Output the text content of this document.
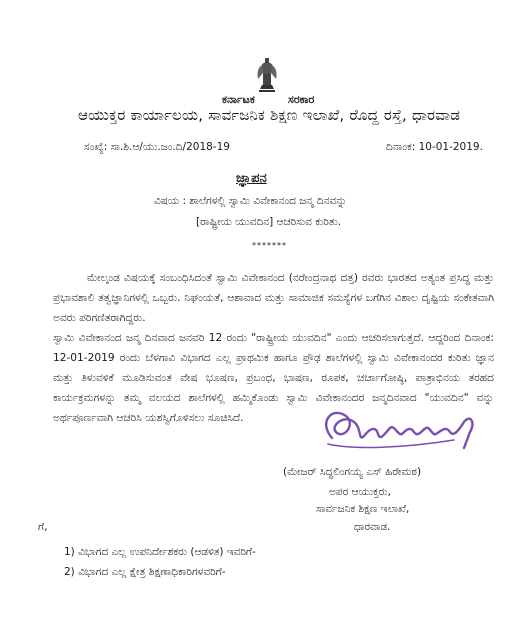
ಕರ್ನಾಟಕ	ಸರಕಾರ
ಆಯುಕ್ತರ ಕಾರ್ಯಾಲಯ, ಸಾರ್ವಜನಿಕ ಶಿಕ್ಷಣ ಇಲಾಖೆ, ರೊದ್ದ ರಸ್ತೆ, ಧಾರವಾಡ
ಸಂಖ್ಯೆ: ಸಾ.ಶಿ.ಆ/ಯು.ಜಂ.ದಿ/2018-19	ದಿನಾಂಕ: 10-01-2019.
ಜ್ಞಾಪನ
ವಿಷಯ : ಶಾಲೆಗಳಲ್ಲಿ ಸ್ವಾಮಿ ವಿವೇಕಾನಂದ ಜನ್ಮ ದಿನವನ್ನು
[ರಾಷ್ಟ್ರೀಯ ಯುವದಿನ] ಆಚರಿಸುವ ಕುರಿತು.
*******

ಮೇಲ್ಕಂಡ ವಿಷಯಕ್ಕೆ ಸಂಬಂಧಿಸಿದಂತೆ ಸ್ವಾಮಿ ವಿವೇಕಾನಂದ (ನರೇಂದ್ರನಾಥ ದತ್ತ) ರವರು ಭಾರತದ ಅತ್ಯಂತ ಪ್ರಸಿದ್ಧ ಮತ್ತು ಪ್ರಭಾವಶಾಲಿ ತತ್ವಜ್ಞಾನಿಗಳಲ್ಲಿ ಒಬ್ಬರು. ನಿಘಂಯತೆ, ಆಶಾವಾದ ಮತ್ತು ಸಾಮಾಜಿಕ ಸಮಸ್ಯೆಗಳ ಬಗೆಗಿನ ವಿಶಾಲ ದೃಷ್ಟಿಯ ಸಂಕೇತವಾಗಿ ಅವರು ಪರಿಗಣಿತರಾಗಿದ್ದರು.

ಸ್ವಾಮಿ ವಿವೇಕಾನಂದ ಜನ್ಮ ದಿನವಾದ ಜನವರಿ 12 ರಂದು "ರಾಷ್ಟ್ರೀಯ ಯುವದಿನ" ಎಂದು ಆಚರಿಸಲಾಗುತ್ತದೆ. ಆದ್ದರಿಂದ ದಿನಾಂಕ: 12-01-2019 ರಂದು ಬೆಳಗಾವಿ ವಿಭಾಗದ ಎಲ್ಲ ಪ್ರಾಥಮಿಕ ಹಾಗೂ ಪ್ರೌಢ ಶಾಲೆಗಳಲ್ಲಿ ಸ್ವಾಮಿ ವಿವೇಕಾನಂದರ ಕುರಿತು ಜ್ಞಾನ ಮತ್ತು ತಿಳುವಳಿಕೆ ಮೂಡಿಸುವಂತ ವೇಷ ಭೂಷಣ, ಪ್ರಬಂಧ, ಭಾಷಣ, ರೂಪಕ, ಚರ್ಚಾಗೋಷ್ಠಿ, ಪಾತ್ರಾಭಿನಯ ತರಹದ ಕಾರ್ಯಕ್ರಮಗಳನ್ನು ತಮ್ಮ ವಲಯದ ಶಾಲೆಗಳಲ್ಲಿ ಹಮ್ಮಿಕೊಂಡು ಸ್ವಾಮಿ ವಿವೇಕಾನಂದರ ಜನ್ಮದಿನವಾದ "ಯುವದಿನ" ವನ್ನು ಅರ್ಥಪೂರ್ಣವಾಗಿ ಆಚರಿಸಿ ಯಶಸ್ವಿಗೊಳಿಸಲು ಸೂಚಿಸಿದೆ.

(ಮೇಜರ್ ಸಿದ್ಧಲಿಂಗಯ್ಯ ಎಸ್ ಹಿರೇಮಠ)
ಅಪರ ಆಯುಕ್ತರು,
ಸಾರ್ವಜನಿಕ ಶಿಕ್ಷಣ ಇಲಾಖೆ,
ಧಾರವಾಡ.
ಗೆ,
1) ವಿಭಾಗದ ಎಲ್ಲ ಉಪನಿರ್ದೇಶಕರು (ಆಡಳಿತ) ಇವರಿಗೆ-
2) ವಿಭಾಗದ ಎಲ್ಲ ಕ್ಷೇತ್ರ ಶಿಕ್ಷಣಾಧಿಕಾರಿಗಳವರಿಗೆ-
